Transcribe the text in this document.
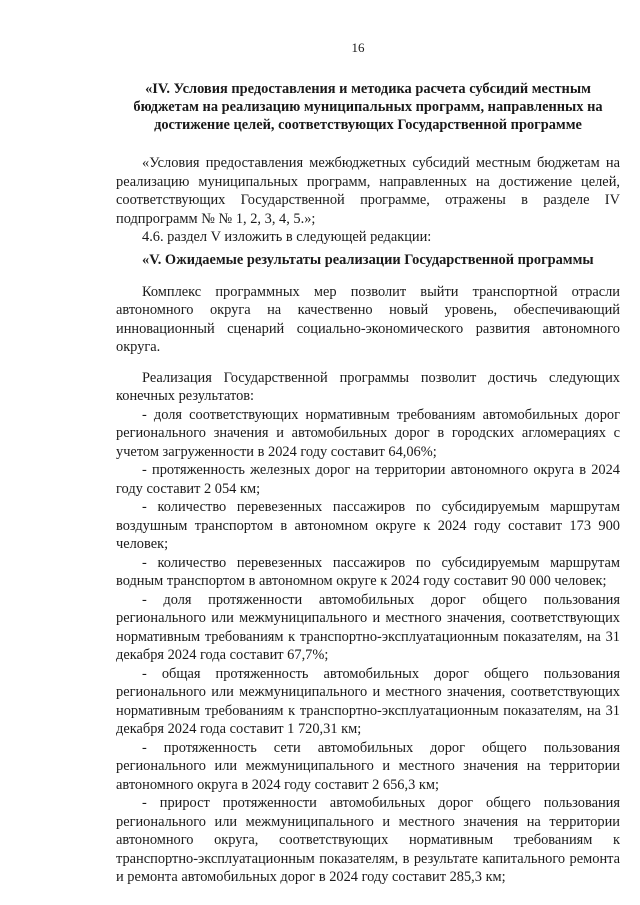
16
«IV. Условия предоставления и методика расчета субсидий местным бюджетам на реализацию муниципальных программ, направленных на достижение целей, соответствующих Государственной программе

«Условия предоставления межбюджетных субсидий местным бюджетам на реализацию муниципальных программ, направленных на достижение целей, соответствующих Государственной программе, отражены в разделе IV подпрограмм № № 1, 2, 3, 4, 5.»;

4.6. раздел V изложить в следующей редакции:

«V. Ожидаемые результаты реализации Государственной программы

Комплекс программных мер позволит выйти транспортной отрасли автономного округа на качественно новый уровень, обеспечивающий инновационный сценарий социально-экономического развития автономного округа.

Реализация Государственной программы позволит достичь следующих конечных результатов:

- доля соответствующих нормативным требованиям автомобильных дорог регионального значения и автомобильных дорог в городских агломерациях с учетом загруженности в 2024 году составит 64,06%;

- протяженность железных дорог на территории автономного округа в 2024 году составит 2 054 км;

- количество перевезенных пассажиров по субсидируемым маршрутам воздушным транспортом в автономном округе к 2024 году составит 173 900 человек;

- количество перевезенных пассажиров по субсидируемым маршрутам водным транспортом в автономном округе к 2024 году составит 90 000 человек;

- доля протяженности автомобильных дорог общего пользования регионального или межмуниципального и местного значения, соответствующих нормативным требованиям к транспортно-эксплуатационным показателям, на 31 декабря 2024 года составит 67,7%;

- общая протяженность автомобильных дорог общего пользования регионального или межмуниципального и местного значения, соответствующих нормативным требованиям к транспортно-эксплуатационным показателям, на 31 декабря 2024 года составит 1 720,31 км;

- протяженность сети автомобильных дорог общего пользования регионального или межмуниципального и местного значения на территории автономного округа в 2024 году составит 2 656,3 км;

- прирост протяженности автомобильных дорог общего пользования регионального или межмуниципального и местного значения на территории автономного округа, соответствующих нормативным требованиям к транспортно-эксплуатационным показателям, в результате капитального ремонта и ремонта автомобильных дорог в 2024 году составит 285,3 км;
